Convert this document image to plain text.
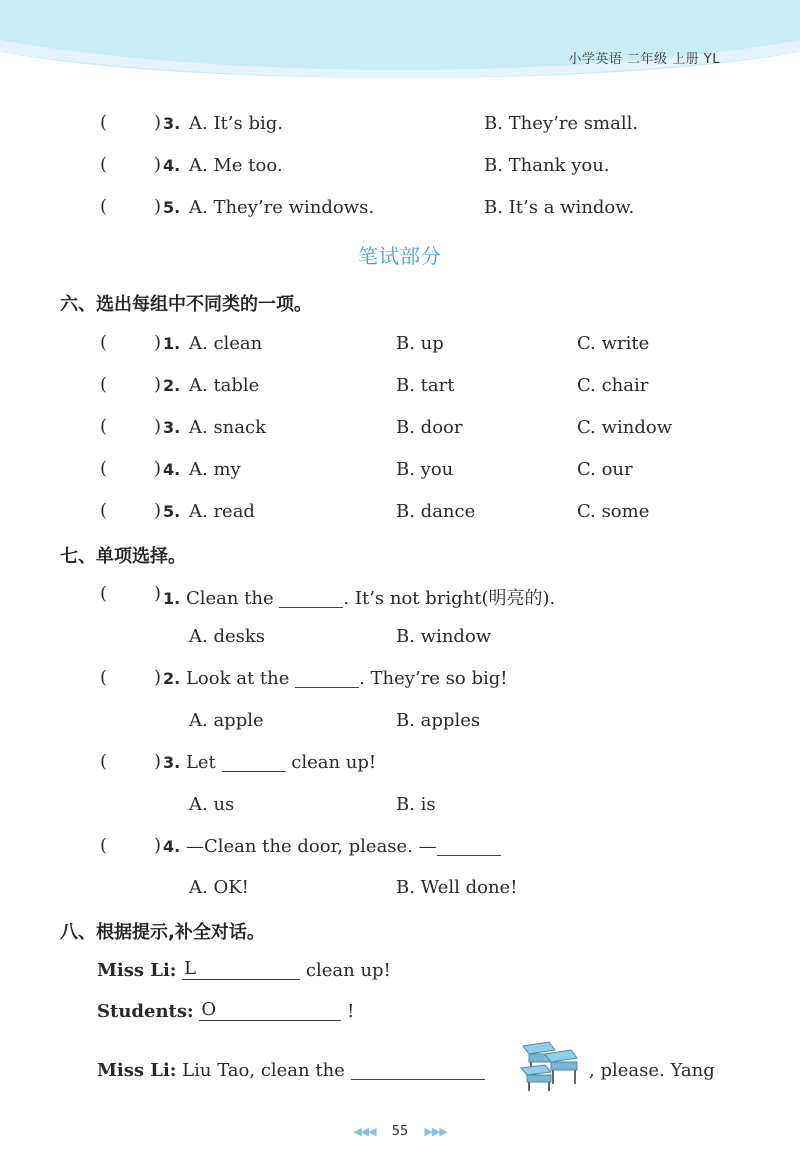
小学英语 二年级 上册 YL
(	) 3. A. It’s big.	B. They’re small.
(	) 4. A. Me too.	B. Thank you.
(	) 5. A. They’re windows.	B. It’s a window.
笔试部分
六、选出每组中不同类的一项。
(	) 1. A. clean	B. up	C. write
(	) 2. A. table	B. tart	C. chair
(	) 3. A. snack	B. door	C. window
(	) 4. A. my	B. you	C. our
(	) 5. A. read	B. dance	C. some
七、单项选择。
(	) 1. Clean the	. It’s not bright(明亮的).
A. desks	B. window
(	) 2. Look at the	. They’re so big!
A. apple	B. apples
(	) 3. Let	clean up!
A. us	B. is
(	) 4. —Clean the door, please. —
A. OK!	B. Well done!
八、根据提示,补全对话。
Miss Li: L	clean up!
Students: O	!
Miss Li: Liu Tao, clean the	, please. Yang
◀◀◀ 55 ▶▶▶
